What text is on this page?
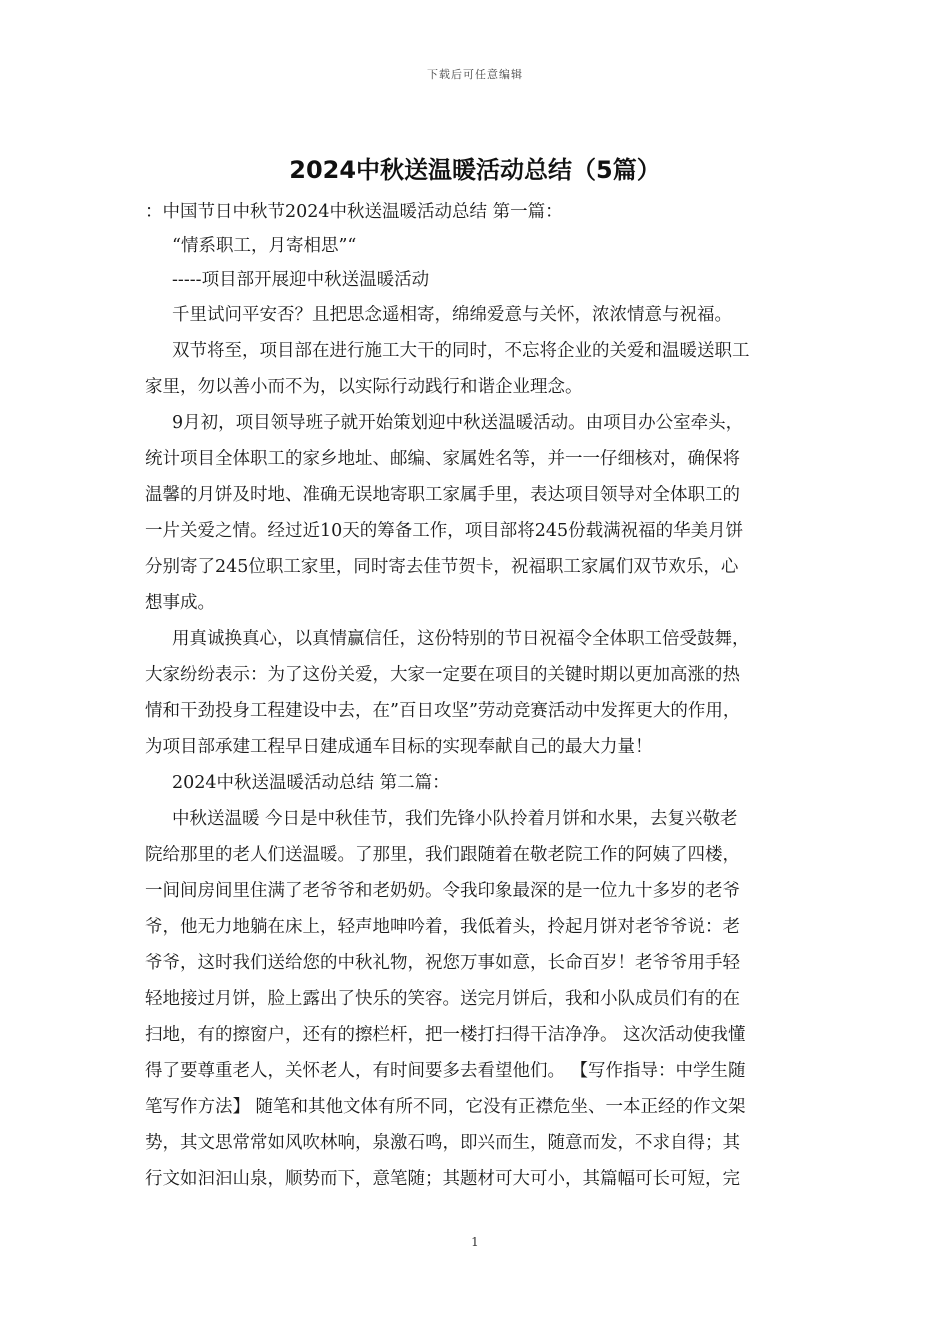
下载后可任意编辑
2024中秋送温暖活动总结（5篇）
：中国节日中秋节2024中秋送温暖活动总结 第一篇：
“情系职工，月寄相思”“
-----项目部开展迎中秋送温暖活动
千里试问平安否？且把思念遥相寄，绵绵爱意与关怀，浓浓情意与祝福。
双节将至，项目部在进行施工大干的同时，不忘将企业的关爱和温暖送职工
家里，勿以善小而不为，以实际行动践行和谐企业理念。
9月初，项目领导班子就开始策划迎中秋送温暖活动。由项目办公室牵头，
统计项目全体职工的家乡地址、邮编、家属姓名等，并一一仔细核对，确保将
温馨的月饼及时地、准确无误地寄职工家属手里，表达项目领导对全体职工的
一片关爱之情。经过近10天的筹备工作，项目部将245份载满祝福的华美月饼
分别寄了245位职工家里，同时寄去佳节贺卡，祝福职工家属们双节欢乐，心
想事成。
用真诚换真心，以真情赢信任，这份特别的节日祝福令全体职工倍受鼓舞，
大家纷纷表示：为了这份关爱，大家一定要在项目的关键时期以更加高涨的热
情和干劲投身工程建设中去，在”百日攻坚”劳动竞赛活动中发挥更大的作用，
为项目部承建工程早日建成通车目标的实现奉献自己的最大力量！
2024中秋送温暖活动总结 第二篇：
中秋送温暖 今日是中秋佳节，我们先锋小队拎着月饼和水果，去复兴敬老
院给那里的老人们送温暖。了那里，我们跟随着在敬老院工作的阿姨了四楼，
一间间房间里住满了老爷爷和老奶奶。令我印象最深的是一位九十多岁的老爷
爷，他无力地躺在床上，轻声地呻吟着，我低着头，拎起月饼对老爷爷说：老
爷爷，这时我们送给您的中秋礼物，祝您万事如意，长命百岁！老爷爷用手轻
轻地接过月饼，脸上露出了快乐的笑容。送完月饼后，我和小队成员们有的在
扫地，有的擦窗户，还有的擦栏杆，把一楼打扫得干洁净净。 这次活动使我懂
得了要尊重老人，关怀老人，有时间要多去看望他们。 【写作指导：中学生随
笔写作方法】 随笔和其他文体有所不同，它没有正襟危坐、一本正经的作文架
势，其文思常常如风吹林响，泉激石鸣，即兴而生，随意而发，不求自得；其
行文如汩汩山泉，顺势而下，意笔随；其题材可大可小，其篇幅可长可短，完
1
